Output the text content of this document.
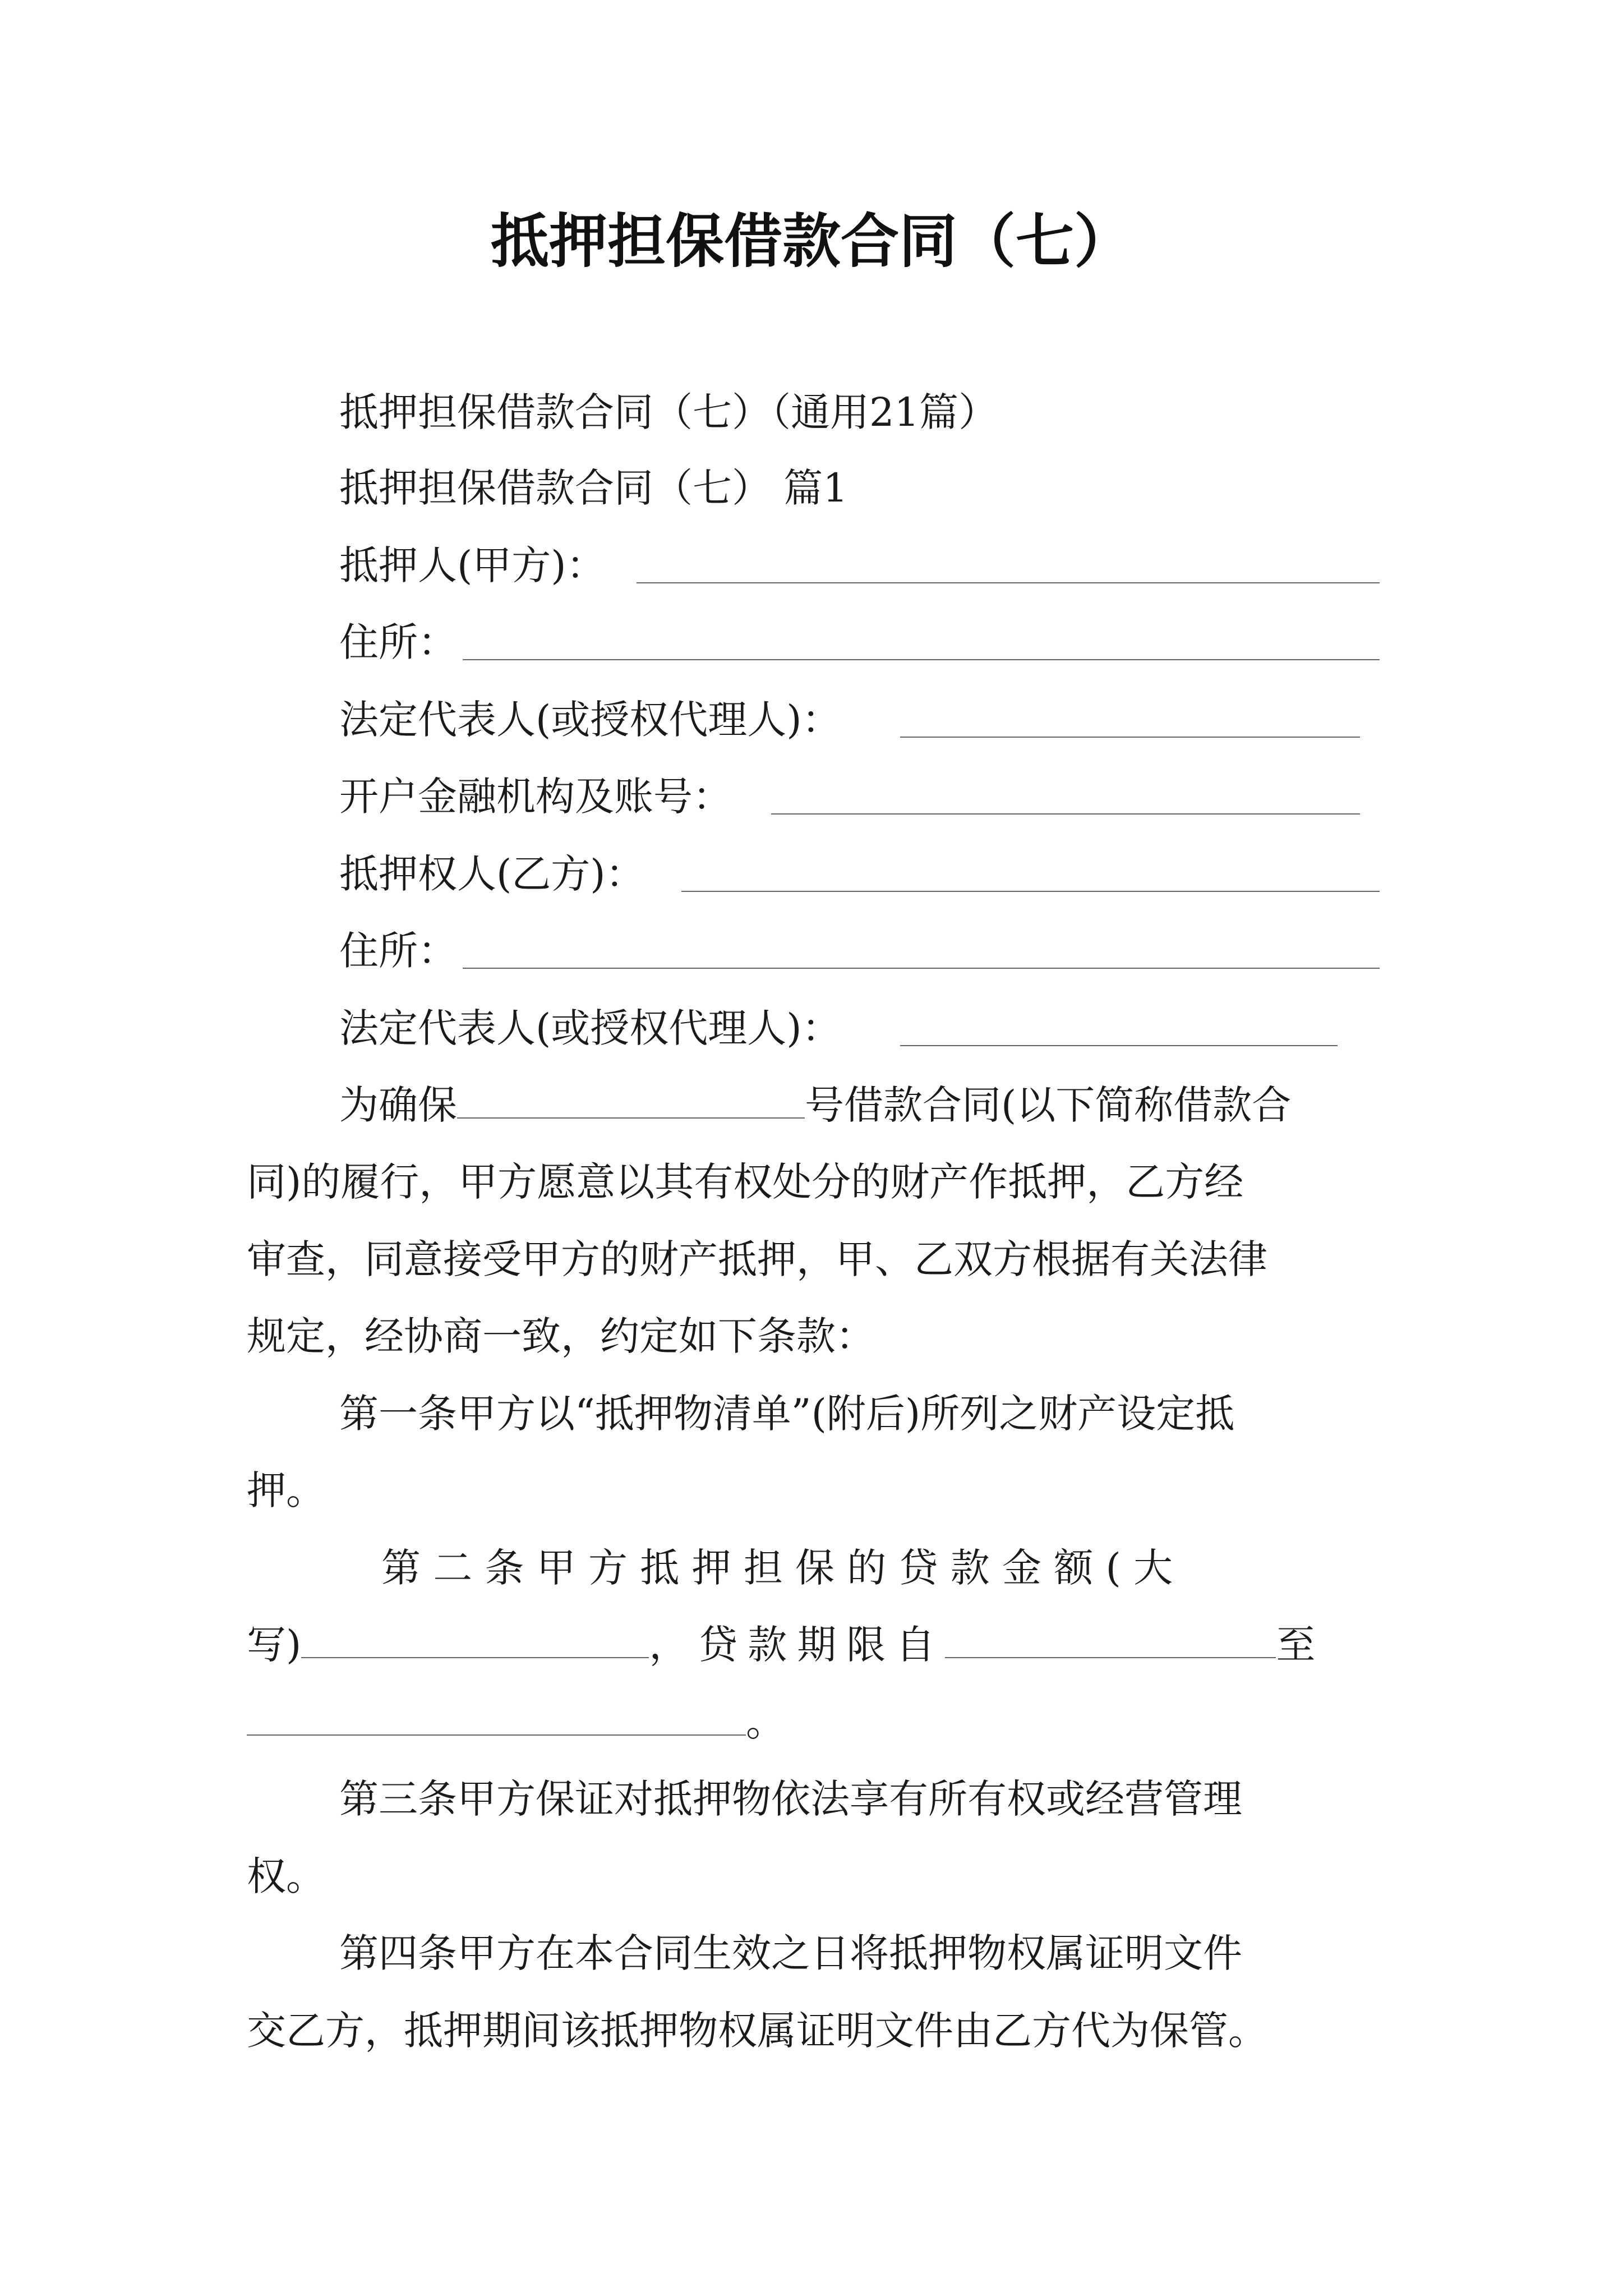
抵押担保借款合同（七）
抵押担保借款合同（七）（通用21篇）
抵押担保借款合同（七） 篇1
抵押人(甲方)：
住所：
法定代表人(或授权代理人)：
开户金融机构及账号：
抵押权人(乙方)：
住所：
法定代表人(或授权代理人)：
为确保	号借款合同(以下简称借款合
同)的履行，甲方愿意以其有权处分的财产作抵押，乙方经
审查，同意接受甲方的财产抵押，甲、乙双方根据有关法律
规定，经协商一致，约定如下条款：
第一条甲方以“抵押物清单”(附后)所列之财产设定抵
押。
第 二 条 甲 方 抵 押 担 保 的 贷 款 金 额 ( 大
写)	，贷款期限自	至
。
第三条甲方保证对抵押物依法享有所有权或经营管理
权。
第四条甲方在本合同生效之日将抵押物权属证明文件
交乙方，抵押期间该抵押物权属证明文件由乙方代为保管。
